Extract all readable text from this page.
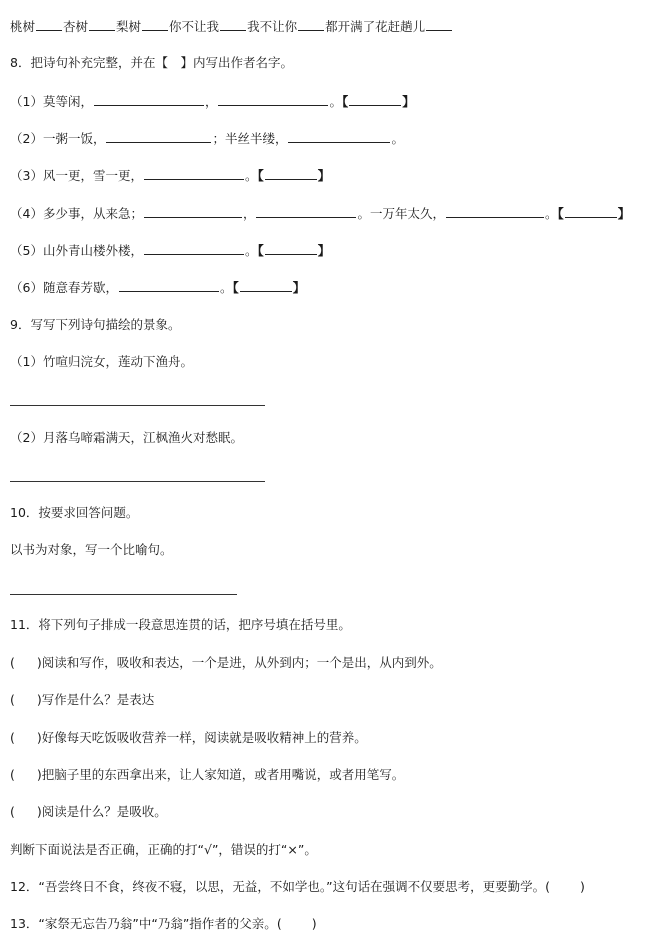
桃树 杏树 梨树 你不让我 我不让你 都开满了花赶趟儿
8．把诗句补充完整，并在【　】内写出作者名字。
（1）莫等闲，	，	。【	】
（2）一粥一饭，	；半丝半缕，	。
（3）风一更，雪一更，	。【	】
（4）多少事，从来急；	，	。一万年太久，	。【	】
（5）山外青山楼外楼，	。【	】
（6）随意春芳歇，	。【	】
9．写写下列诗句描绘的景象。
（1）竹喧归浣女，莲动下渔舟。
（2）月落乌啼霜满天，江枫渔火对愁眠。
10．按要求回答问题。
以书为对象，写一个比喻句。
11．将下列句子排成一段意思连贯的话，把序号填在括号里。
( )阅读和写作，吸收和表达，一个是进，从外到内；一个是出，从内到外。
( )写作是什么？是表达
( )好像每天吃饭吸收营养一样，阅读就是吸收精神上的营养。
( )把脑子里的东西拿出来，让人家知道，或者用嘴说，或者用笔写。
( )阅读是什么？是吸收。
判断下面说法是否正确，正确的打“√”，错误的打“×”。
12．“吾尝终日不食，终夜不寝，以思，无益，不如学也。”这句话在强调不仅要思考，更要勤学。( )
13．“家祭无忘告乃翁”中“乃翁”指作者的父亲。( )
